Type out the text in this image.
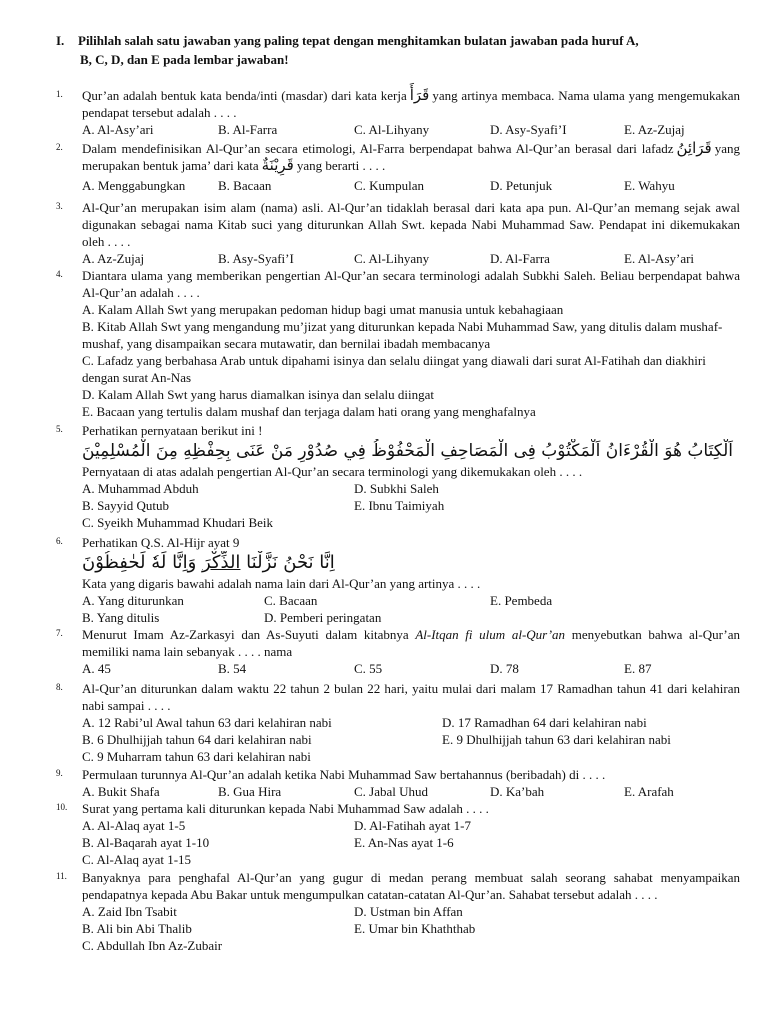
I. Pilihlah salah satu jawaban yang paling tepat dengan menghitamkan bulatan jawaban pada huruf A,
B, C, D, dan E pada lembar jawaban!
1.	Qur’an adalah bentuk kata benda/inti (masdar) dari kata kerja قَرَأَ yang artinya membaca. Nama ulama yang mengemukakan pendapat tersebut adalah . . . .
A. Al-Asy’ari	B. Al-Farra	C. Al-Lihyany	D. Asy-Syafi’I	E. Az-Zujaj
2.	Dalam mendefinisikan Al-Qur’an secara etimologi, Al-Farra berpendapat bahwa Al-Qur’an berasal dari lafadz قَرَائِنُ yang merupakan bentuk jama’ dari kata قَرِيْنَةٌ yang berarti . . . .
A. Menggabungkan	B. Bacaan	C. Kumpulan	D. Petunjuk	E. Wahyu
3.	Al-Qur’an merupakan isim alam (nama) asli. Al-Qur’an tidaklah berasal dari kata apa pun. Al-Qur’an memang sejak awal digunakan sebagai nama Kitab suci yang diturunkan Allah Swt. kepada Nabi Muhammad Saw. Pendapat ini dikemukakan oleh . . . .
A. Az-Zujaj	B. Asy-Syafi’I	C. Al-Lihyany	D. Al-Farra	E. Al-Asy’ari
4.	Diantara ulama yang memberikan pengertian Al-Qur’an secara terminologi adalah Subkhi Saleh. Beliau berpendapat bahwa Al-Qur’an adalah . . . .
A. Kalam Allah Swt yang merupakan pedoman hidup bagi umat manusia untuk kebahagiaan
B. Kitab Allah Swt yang mengandung mu’jizat yang diturunkan kepada Nabi Muhammad Saw, yang ditulis dalam mushaf-mushaf, yang disampaikan secara mutawatir, dan bernilai ibadah membacanya
C. Lafadz yang berbahasa Arab untuk dipahami isinya dan selalu diingat yang diawali dari surat Al-Fatihah dan diakhiri dengan surat An-Nas
D. Kalam Allah Swt yang harus diamalkan isinya dan selalu diingat
E. Bacaan yang tertulis dalam mushaf dan terjaga dalam hati orang yang menghafalnya
5.	Perhatikan pernyataan berikut ini !
اَلْكِتَابُ هُوَ الْقُرْءَانُ اَلْمَكْتُوْبُ فِى الْمَصَاحِفِ الْمَحْفُوْظُ فِي صُدُوْرِ مَنْ عَنَى بِحِفْظِهِ مِنَ الْمُسْلِمِيْنَ
Pernyataan di atas adalah pengertian Al-Qur’an secara terminologi yang dikemukakan oleh . . . .
A. Muhammad Abduh	D. Subkhi Saleh
B. Sayyid Qutub	E. Ibnu Taimiyah
C. Syeikh Muhammad Khudari Beik
6.	Perhatikan Q.S. Al-Hijr ayat 9
اِنَّا نَحْنُ نَزَّلْنَا الذِّكْرَ وَاِنَّا لَهٗ لَحٰفِظُوْنَ
Kata yang digaris bawahi adalah nama lain dari Al-Qur’an yang artinya . . . .
A. Yang diturunkan	C. Bacaan	E. Pembeda
B. Yang ditulis	D. Pemberi peringatan
7.	Menurut Imam Az-Zarkasyi dan As-Suyuti dalam kitabnya Al-Itqan fi ulum al-Qur’an menyebutkan bahwa al-Qur’an memiliki nama lain sebanyak . . . . nama
A. 45	B. 54	C. 55	D. 78	E. 87
8.	Al-Qur’an diturunkan dalam waktu 22 tahun 2 bulan 22 hari, yaitu mulai dari malam 17 Ramadhan tahun 41 dari kelahiran nabi sampai . . . .
A. 12 Rabi’ul Awal tahun 63 dari kelahiran nabi	D. 17 Ramadhan 64 dari kelahiran nabi
B. 6 Dhulhijjah tahun 64 dari kelahiran nabi	E. 9 Dhulhijjah tahun 63 dari kelahiran nabi
C. 9 Muharram tahun 63 dari kelahiran nabi
9.	Permulaan turunnya Al-Qur’an adalah ketika Nabi Muhammad Saw bertahannus (beribadah) di . . . .
A. Bukit Shafa	B. Gua Hira	C. Jabal Uhud	D. Ka’bah	E. Arafah
10.	Surat yang pertama kali diturunkan kepada Nabi Muhammad Saw adalah . . . .
A. Al-Alaq ayat 1-5	D. Al-Fatihah ayat 1-7
B. Al-Baqarah ayat 1-10	E. An-Nas ayat 1-6
C. Al-Alaq ayat 1-15
11.	Banyaknya para penghafal Al-Qur’an yang gugur di medan perang membuat salah seorang sahabat menyampaikan pendapatnya kepada Abu Bakar untuk mengumpulkan catatan-catatan Al-Qur’an. Sahabat tersebut adalah . . . .
A. Zaid Ibn Tsabit	D. Ustman bin Affan
B. Ali bin Abi Thalib	E. Umar bin Khaththab
C. Abdullah Ibn Az-Zubair
